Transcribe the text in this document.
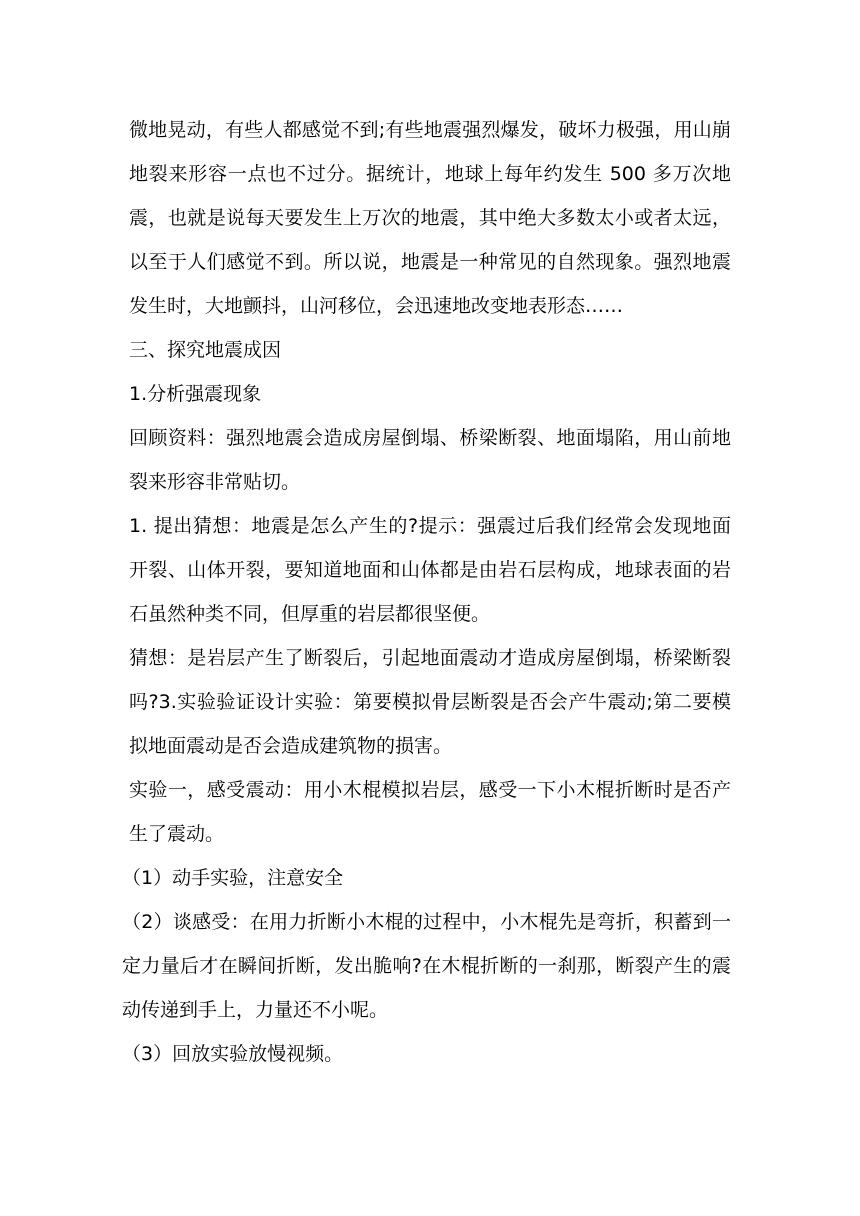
微地晃动，有些人都感觉不到;有些地震强烈爆发，破坏力极强，用山崩地裂来形容一点也不过分。据统计，地球上每年约发生 500 多万次地震，也就是说每天要发生上万次的地震，其中绝大多数太小或者太远，以至于人们感觉不到。所以说，地震是一种常见的自然现象。强烈地震发生时，大地颤抖，山河移位，会迅速地改变地表形态……

三、探究地震成因

1.分析强震现象

回顾资料：强烈地震会造成房屋倒塌、桥梁断裂、地面塌陷，用山前地裂来形容非常贴切。

1. 提出猜想：地震是怎么产生的?提示：强震过后我们经常会发现地面开裂、山体开裂，要知道地面和山体都是由岩石层构成，地球表面的岩石虽然种类不同，但厚重的岩层都很坚便。

猜想：是岩层产生了断裂后，引起地面震动才造成房屋倒塌，桥梁断裂吗?3.实验验证设计实验：第要模拟骨层断裂是否会产牛震动;第二要模拟地面震动是否会造成建筑物的损害。

实验一，感受震动：用小木棍模拟岩层，感受一下小木棍折断时是否产生了震动。

（1）动手实验，注意安全

（2）谈感受：在用力折断小木棍的过程中，小木棍先是弯折，积蓄到一定力量后才在瞬间折断，发出脆响?在木棍折断的一刹那，断裂产生的震动传递到手上，力量还不小呢。

（3）回放实验放慢视频。
